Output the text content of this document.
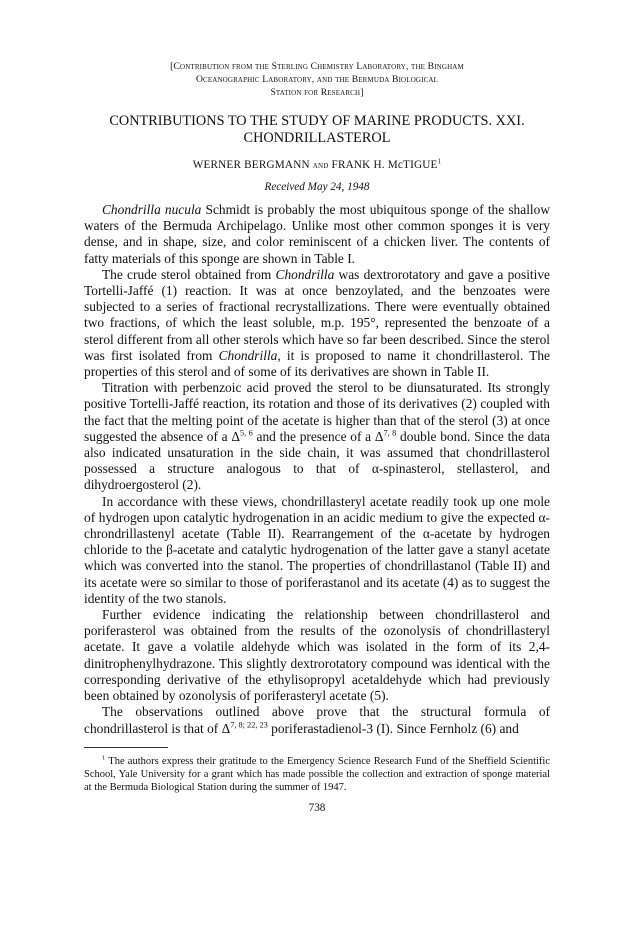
[Contribution from the Sterling Chemistry Laboratory, the Bingham
Oceanographic Laboratory, and the Bermuda Biological
Station for Research]
CONTRIBUTIONS TO THE STUDY OF MARINE PRODUCTS. XXI.
CHONDRILLASTEROL
WERNER BERGMANN and FRANK H. McTIGUE$^1$
Received May 24, 1948

Chondrilla nucula Schmidt is probably the most ubiquitous sponge of the shallow waters of the Bermuda Archipelago. Unlike most other common sponges it is very dense, and in shape, size, and color reminiscent of a chicken liver. The contents of fatty materials of this sponge are shown in Table I.

The crude sterol obtained from Chondrilla was dextrorotatory and gave a positive Tortelli-Jaffé (1) reaction. It was at once benzoylated, and the benzoates were subjected to a series of fractional recrystallizations. There were eventually obtained two fractions, of which the least soluble, m.p. 195°, represented the benzoate of a sterol different from all other sterols which have so far been described. Since the sterol was first isolated from Chondrilla, it is proposed to name it chondrillasterol. The properties of this sterol and of some of its derivatives are shown in Table II.

Titration with perbenzoic acid proved the sterol to be diunsaturated. Its strongly positive Tortelli-Jaffé reaction, its rotation and those of its derivatives (2) coupled with the fact that the melting point of the acetate is higher than that of the sterol (3) at once suggested the absence of a Δ$^{5, 6}$ and the presence of a Δ$^{7, 8}$ double bond. Since the data also indicated unsaturation in the side chain, it was assumed that chondrillasterol possessed a structure analogous to that of α-spinasterol, stellasterol, and dihydroergosterol (2).

In accordance with these views, chondrillasteryl acetate readily took up one mole of hydrogen upon catalytic hydrogenation in an acidic medium to give the expected α-chrondrillastenyl acetate (Table II). Rearrangement of the α-acetate by hydrogen chloride to the β-acetate and catalytic hydrogenation of the latter gave a stanyl acetate which was converted into the stanol. The properties of chondrillastanol (Table II) and its acetate were so similar to those of poriferastanol and its acetate (4) as to suggest the identity of the two stanols.

Further evidence indicating the relationship between chondrillasterol and poriferasterol was obtained from the results of the ozonolysis of chondrillasteryl acetate. It gave a volatile aldehyde which was isolated in the form of its 2,4-dinitrophenylhydrazone. This slightly dextrorotatory compound was identical with the corresponding derivative of the ethylisopropyl acetaldehyde which had previously been obtained by ozonolysis of poriferasteryl acetate (5).

The observations outlined above prove that the structural formula of chondrillasterol is that of Δ$^{7, 8; 22, 23}$ poriferastadienol-3 (I). Since Fernholz (6) and

$^1$ The authors express their gratitude to the Emergency Science Research Fund of the Sheffield Scientific School, Yale University for a grant which has made possible the collection and extraction of sponge material at the Bermuda Biological Station during the summer of 1947.

738
